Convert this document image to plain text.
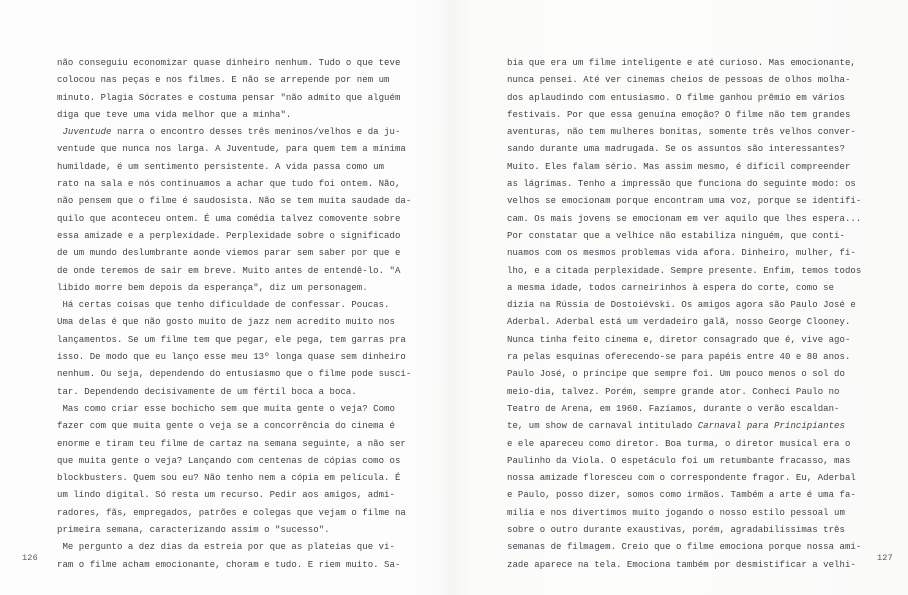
não conseguiu economizar quase dinheiro nenhum. Tudo o que teve
colocou nas peças e nos filmes. E não se arrepende por nem um
minuto. Plagia Sócrates e costuma pensar "não admito que alguém
diga que teve uma vida melhor que a minha".
Juventude narra o encontro desses três meninos/velhos e da ju-
ventude que nunca nos larga. A Juventude, para quem tem a mínima
humildade, é um sentimento persistente. A vida passa como um
rato na sala e nós continuamos a achar que tudo foi ontem. Não,
não pensem que o filme é saudosista. Não se tem muita saudade da-
quilo que aconteceu ontem. É uma comédia talvez comovente sobre
essa amizade e a perplexidade. Perplexidade sobre o significado
de um mundo deslumbrante aonde viemos parar sem saber por que e
de onde teremos de sair em breve. Muito antes de entendê-lo. "A
libido morre bem depois da esperança", diz um personagem.
Há certas coisas que tenho dificuldade de confessar. Poucas.
Uma delas é que não gosto muito de jazz nem acredito muito nos
lançamentos. Se um filme tem que pegar, ele pega, tem garras pra
isso. De modo que eu lanço esse meu 13º longa quase sem dinheiro
nenhum. Ou seja, dependendo do entusiasmo que o filme pode susci-
tar. Dependendo decisivamente de um fértil boca a boca.
Mas como criar esse bochicho sem que muita gente o veja? Como
fazer com que muita gente o veja se a concorrência do cinema é
enorme e tiram teu filme de cartaz na semana seguinte, a não ser
que muita gente o veja? Lançando com centenas de cópias como os
blockbusters. Quem sou eu? Não tenho nem a cópia em película. É
um lindo digital. Só resta um recurso. Pedir aos amigos, admi-
radores, fãs, empregados, patrões e colegas que vejam o filme na
primeira semana, caracterizando assim o "sucesso".
Me pergunto a dez dias da estreia por que as plateias que vi-
ram o filme acham emocionante, choram e tudo. E riem muito. Sa-
126
bia que era um filme inteligente e até curioso. Mas emocionante,
nunca pensei. Até ver cinemas cheios de pessoas de olhos molha-
dos aplaudindo com entusiasmo. O filme ganhou prêmio em vários
festivais. Por que essa genuína emoção? O filme não tem grandes
aventuras, não tem mulheres bonitas, somente três velhos conver-
sando durante uma madrugada. Se os assuntos são interessantes?
Muito. Eles falam sério. Mas assim mesmo, é difícil compreender
as lágrimas. Tenho a impressão que funciona do seguinte modo: os
velhos se emocionam porque encontram uma voz, porque se identifi-
cam. Os mais jovens se emocionam em ver aquilo que lhes espera...
Por constatar que a velhice não estabiliza ninguém, que conti-
nuamos com os mesmos problemas vida afora. Dinheiro, mulher, fi-
lho, e a citada perplexidade. Sempre presente. Enfim, temos todos
a mesma idade, todos carneirinhos à espera do corte, como se
dizia na Rússia de Dostoiévski. Os amigos agora são Paulo José e
Aderbal. Aderbal está um verdadeiro galã, nosso George Clooney.
Nunca tinha feito cinema e, diretor consagrado que é, vive ago-
ra pelas esquinas oferecendo-se para papéis entre 40 e 80 anos.
Paulo José, o príncipe que sempre foi. Um pouco menos o sol do
meio-dia, talvez. Porém, sempre grande ator. Conheci Paulo no
Teatro de Arena, em 1960. Fazíamos, durante o verão escaldan-
te, um show de carnaval intitulado Carnaval para Principiantes
e ele apareceu como diretor. Boa turma, o diretor musical era o
Paulinho da Viola. O espetáculo foi um retumbante fracasso, mas
nossa amizade floresceu com o correspondente fragor. Eu, Aderbal
e Paulo, posso dizer, somos como irmãos. Também a arte é uma fa-
mília e nos divertimos muito jogando o nosso estilo pessoal um
sobre o outro durante exaustivas, porém, agradabilíssimas três
semanas de filmagem. Creio que o filme emociona porque nossa ami-
zade aparece na tela. Emociona também por desmistificar a velhi-
127
